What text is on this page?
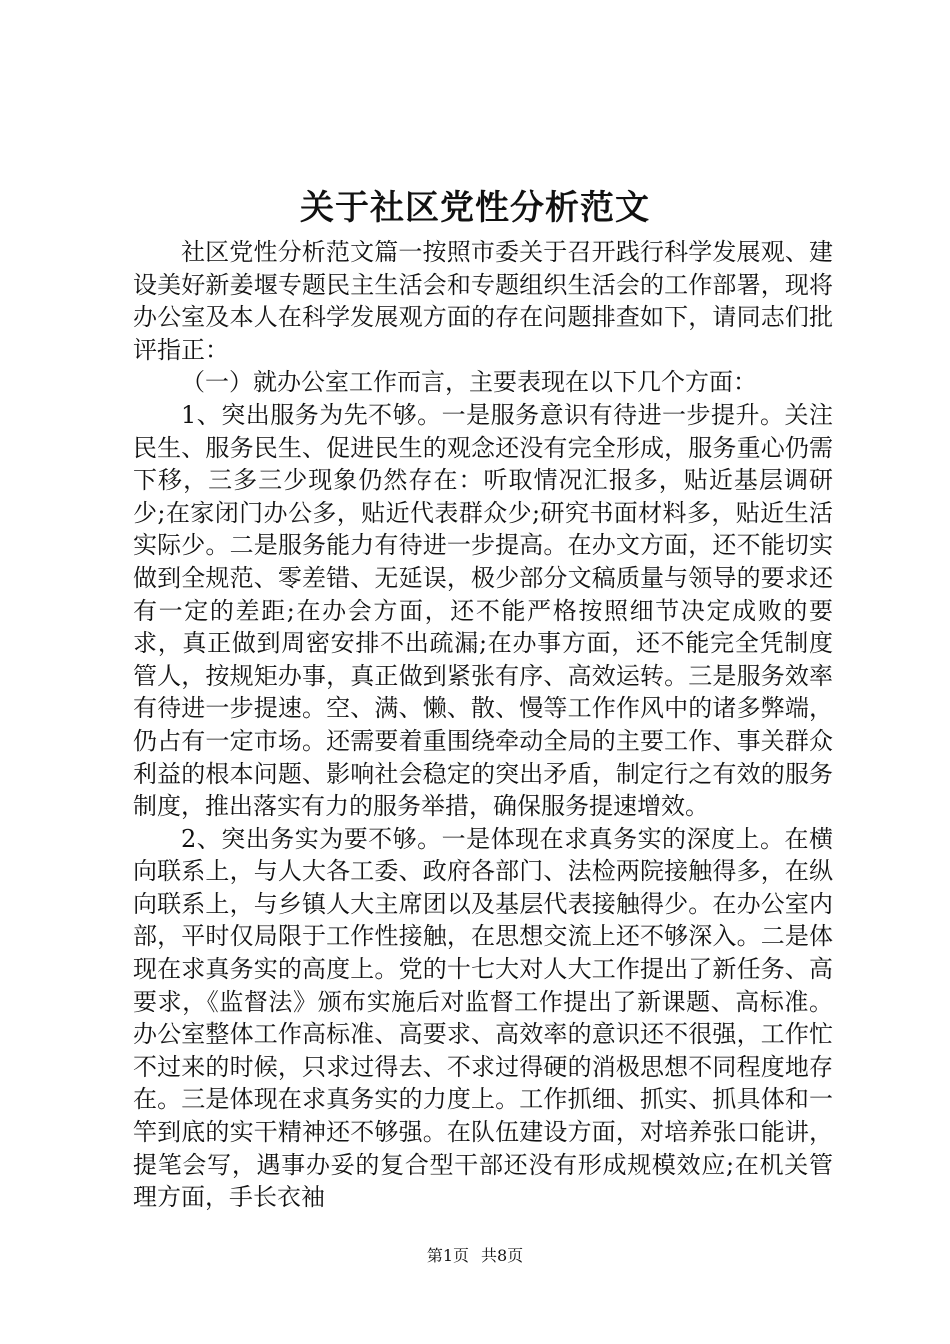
关于社区党性分析范文

社区党性分析范文篇一按照市委关于召开践行科学发展观、建设美好新姜堰专题民主生活会和专题组织生活会的工作部署，现将办公室及本人在科学发展观方面的存在问题排查如下，请同志们批评指正：

（一）就办公室工作而言，主要表现在以下几个方面：

1、突出服务为先不够。一是服务意识有待进一步提升。关注民生、服务民生、促进民生的观念还没有完全形成，服务重心仍需下移，三多三少现象仍然存在：听取情况汇报多，贴近基层调研少;在家闭门办公多，贴近代表群众少;研究书面材料多，贴近生活实际少。二是服务能力有待进一步提高。在办文方面，还不能切实做到全规范、零差错、无延误，极少部分文稿质量与领导的要求还有一定的差距;在办会方面，还不能严格按照细节决定成败的要求，真正做到周密安排不出疏漏;在办事方面，还不能完全凭制度管人，按规矩办事，真正做到紧张有序、高效运转。三是服务效率有待进一步提速。空、满、懒、散、慢等工作作风中的诸多弊端，仍占有一定市场。还需要着重围绕牵动全局的主要工作、事关群众利益的根本问题、影响社会稳定的突出矛盾，制定行之有效的服务制度，推出落实有力的服务举措，确保服务提速增效。

2、突出务实为要不够。一是体现在求真务实的深度上。在横向联系上，与人大各工委、政府各部门、法检两院接触得多，在纵向联系上，与乡镇人大主席团以及基层代表接触得少。在办公室内部，平时仅局限于工作性接触，在思想交流上还不够深入。二是体现在求真务实的高度上。党的十七大对人大工作提出了新任务、高要求，《监督法》颁布实施后对监督工作提出了新课题、高标准。办公室整体工作高标准、高要求、高效率的意识还不很强，工作忙不过来的时候，只求过得去、不求过得硬的消极思想不同程度地存在。三是体现在求真务实的力度上。工作抓细、抓实、抓具体和一竿到底的实干精神还不够强。在队伍建设方面，对培养张口能讲，提笔会写，遇事办妥的复合型干部还没有形成规模效应;在机关管理方面，手长衣袖

第1页 共8页
